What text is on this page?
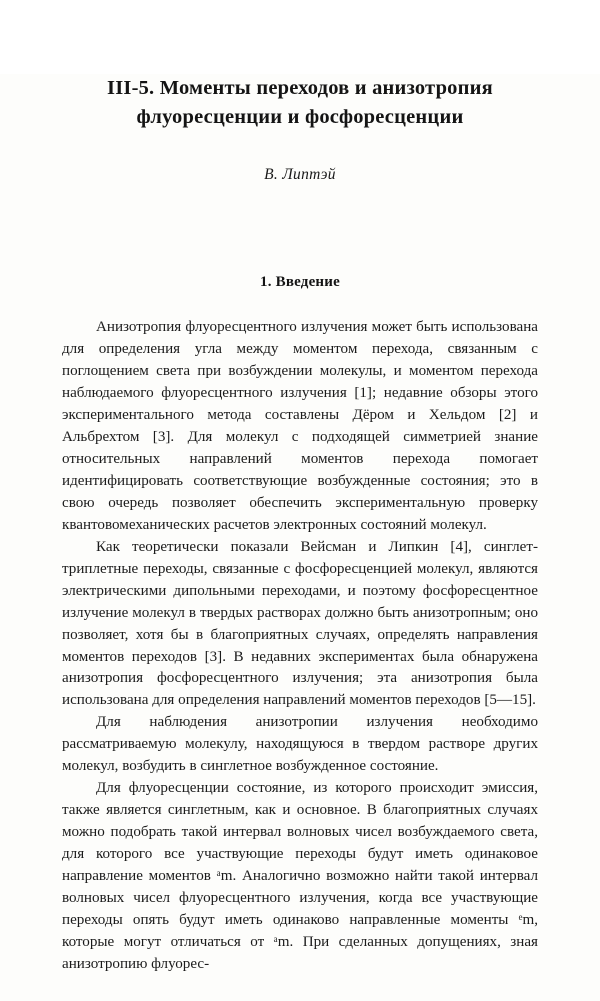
III-5. Моменты переходов и анизотропия
флуоресценции и фосфоресценции
В. Липтэй
1. Введение

Анизотропия флуоресцентного излучения может быть использована для определения угла между моментом перехода, связанным с поглощением света при возбуждении молекулы, и моментом перехода наблюдаемого флуоресцентного излучения [1]; недавние обзоры этого экспериментального метода составлены Дёром и Хельдом [2] и Альбрехтом [3]. Для молекул с подходящей симметрией знание относительных направлений моментов перехода помогает идентифицировать соответствующие возбужденные состояния; это в свою очередь позволяет обеспечить экспериментальную проверку квантовомеханических расчетов электронных состояний молекул.

Как теоретически показали Вейсман и Липкин [4], синглет-триплетные переходы, связанные с фосфоресценцией молекул, являются электрическими дипольными переходами, и поэтому фосфоресцентное излучение молекул в твердых растворах должно быть анизотропным; оно позволяет, хотя бы в благоприятных случаях, определять направления моментов переходов [3]. В недавних экспериментах была обнаружена анизотропия фосфоресцентного излучения; эта анизотропия была использована для определения направлений моментов переходов [5—15].

Для наблюдения анизотропии излучения необходимо рассматриваемую молекулу, находящуюся в твердом растворе других молекул, возбудить в синглетное возбужденное состояние.

Для флуоресценции состояние, из которого происходит эмиссия, также является синглетным, как и основное. В благоприятных случаях можно подобрать такой интервал волновых чисел возбуждаемого света, для которого все участвующие переходы будут иметь одинаковое направление моментов ᵃm. Аналогично возможно найти такой интервал волновых чисел флуоресцентного излучения, когда все участвующие переходы опять будут иметь одинаково направленные моменты ᵉm, которые могут отличаться от ᵃm. При сделанных допущениях, зная анизотропию флуорес-
